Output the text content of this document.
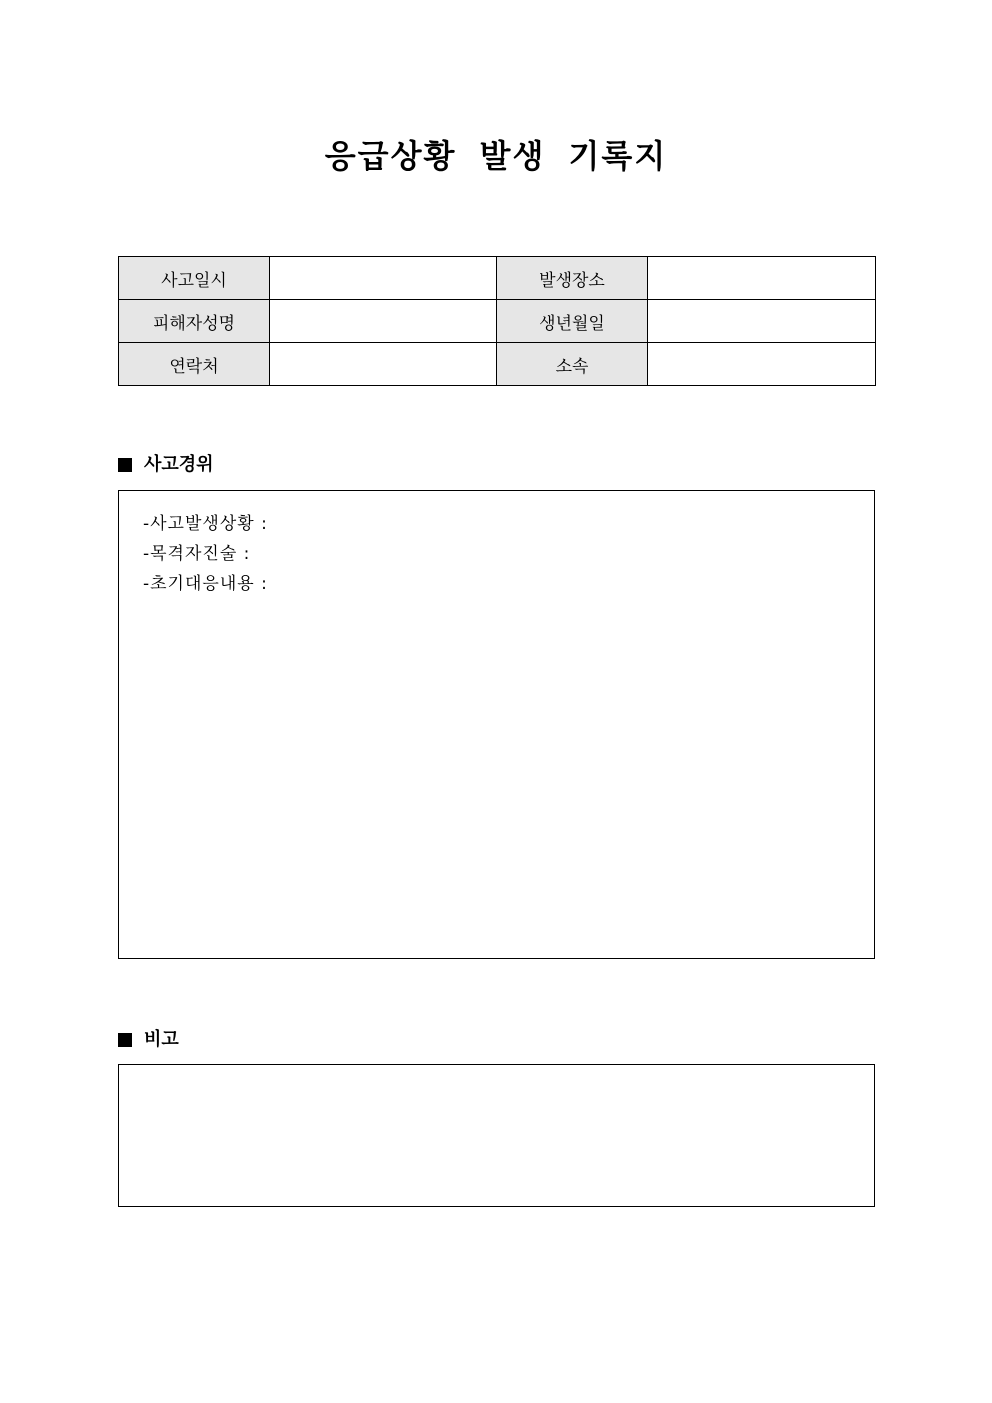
응급상황 발생 기록지
사고일시		발생장소	
피해자성명		생년월일	
연락처		소속	
사고경위
-사고발생상황 :
-목격자진술 :
-초기대응내용 :
비고
